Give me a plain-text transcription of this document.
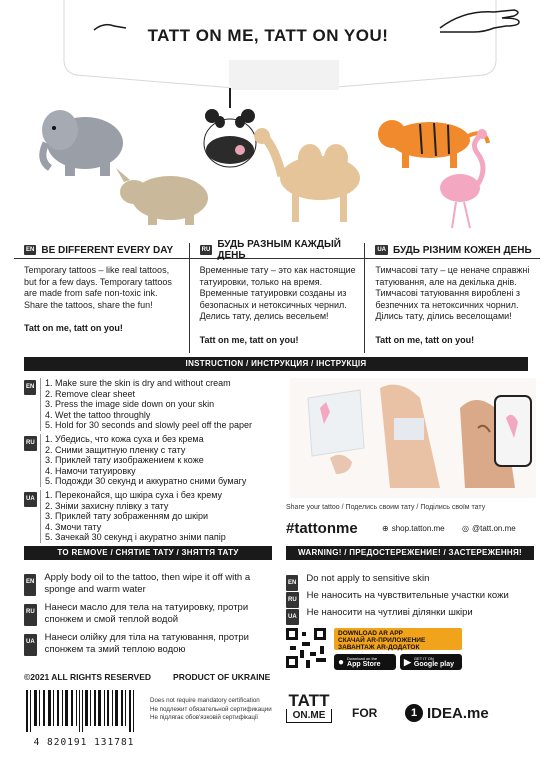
TATT ON ME, TATT ON YOU!
EN BE DIFFERENT EVERY DAY
Temporary tattoos – like real tattoos, but for a few days. Temporary tattoos are made from safe non-toxic ink. Share the tattoos, share the fun!
Tatt on me, tatt on you!
RU БУДЬ РАЗНЫМ КАЖДЫЙ ДЕНЬ
Временные тату – это как настоящие татуировки, только на время. Временные татуировки созданы из безопасных и нетоксичных чернил. Делись тату, делись весельем!
Tatt on me, tatt on you!
UA БУДЬ РІЗНИМ КОЖЕН ДЕНЬ
Тимчасові тату – це неначе справжні татуювання, але на декілька днів. Тимчасові татуювання вироблені з безпечних та нетоксичних чорнил. Ділись тату, ділись веселощами!
Tatt on me, tatt on you!
INSTRUCTION / ИНСТРУКЦИЯ / ІНСТРУКЦІЯ
EN 1. Make sure the skin is dry and without cream
2. Remove clear sheet
3. Press the image side down on your skin
4. Wet the tattoo throughly
5. Hold for 30 seconds and slowly peel off the paper
RU 1. Убедись, что кожа суха и без крема
2. Сними защитную пленку с тату
3. Приклей тату изображением к коже
4. Намочи татуировку
5. Подожди 30 секунд и аккуратно сними бумагу
UA 1. Переконайся, що шкіра суха і без крему
2. Зніми захисну плівку з тату
3. Приклей тату зображенням до шкіри
4. Змочи тату
5. Зачекай 30 секунд і акуратно зніми папір
Share your tattoo / Поделись своим тату / Поділись своїм тату
#tattonme	⊕ shop.tatton.me ◎ @tatt.on.me
TO REMOVE / СНЯТИЕ ТАТУ / ЗНЯТТЯ ТАТУ
EN Apply body oil to the tattoo, then wipe it off with a sponge and warm water
RU Нанеси масло для тела на татуировку, протри спонжем и смой теплой водой
UA Нанеси олійку для тіла на татуювання, протри спонжем та змий теплою водою
WARNING! / ПРЕДОСТЕРЕЖЕНИЕ! / ЗАСТЕРЕЖЕННЯ!
EN Do not apply to sensitive skin
RU Не наносить на чувствительные участки кожи
UA Не наносити на чутливі ділянки шкіри
DOWNLOAD AR APP
СКАЧАЙ AR-ПРИЛОЖЕНИЕ
ЗАВАНТАЖ AR-ДОДАТОК
● Download on the
App Store	▶ GET IT ON
Google play
©2021 ALL RIGHTS RESERVED	PRODUCT OF UKRAINE
Does not require mandatory certification
Не подлежит обязательной сертификации
Не підлягає обов'язковій сертифікації
4 820191 131781
TATT
ON.ME	FOR	1 IDEA.me
